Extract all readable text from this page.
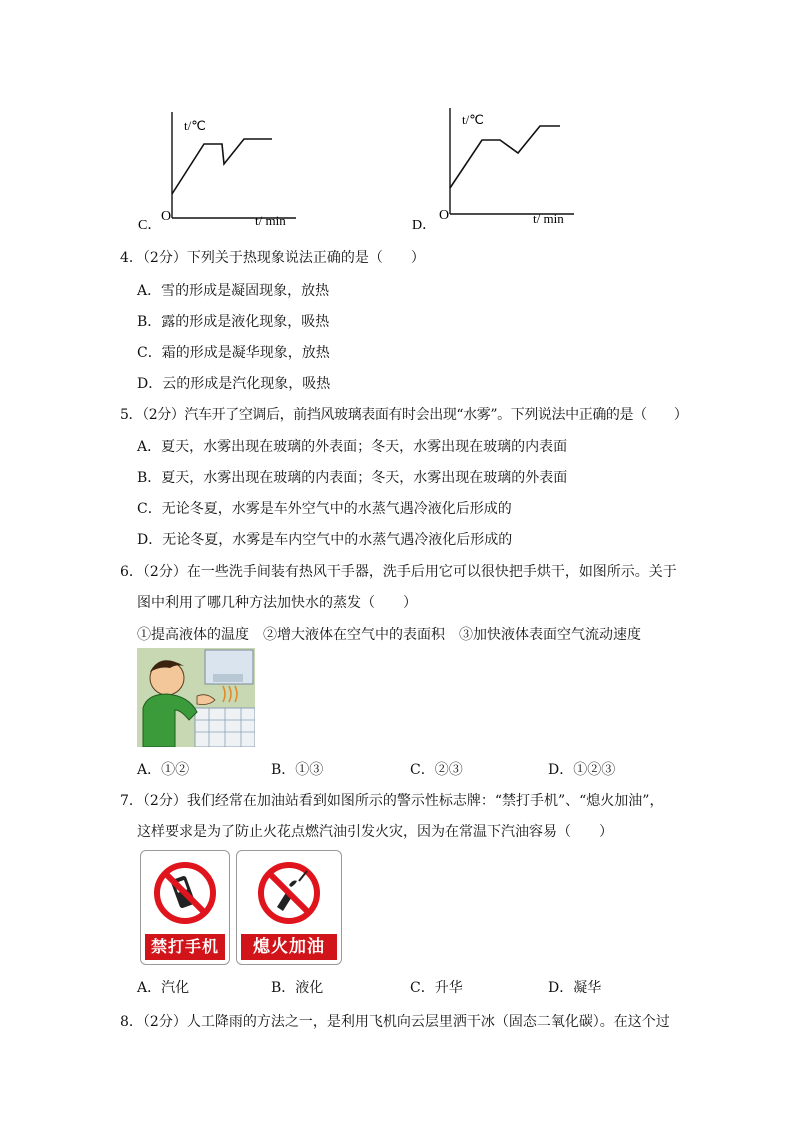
t/℃
t/ min
O
C．
t/℃
t/ min
O
D．
4．（2分）下列关于热现象说法正确的是（　　）
A．雪的形成是凝固现象，放热
B．露的形成是液化现象，吸热
C．霜的形成是凝华现象，放热
D．云的形成是汽化现象，吸热
5．（2分）汽车开了空调后，前挡风玻璃表面有时会出现“水雾”。下列说法中正确的是（　　）
A．夏天，水雾出现在玻璃的外表面；冬天，水雾出现在玻璃的内表面
B．夏天，水雾出现在玻璃的内表面；冬天，水雾出现在玻璃的外表面
C．无论冬夏，水雾是车外空气中的水蒸气遇冷液化后形成的
D．无论冬夏，水雾是车内空气中的水蒸气遇冷液化后形成的
6．（2分）在一些洗手间装有热风干手器，洗手后用它可以很快把手烘干，如图所示。关于
图中利用了哪几种方法加快水的蒸发（　　）
①提高液体的温度　②增大液体在空气中的表面积　③加快液体表面空气流动速度
A．①②	B．①③	C．②③	D．①②③
7．（2分）我们经常在加油站看到如图所示的警示性标志牌：“禁打手机”、“熄火加油”，
这样要求是为了防止火花点燃汽油引发火灾，因为在常温下汽油容易（　　）
禁打手机	熄火加油
A．汽化	B．液化	C．升华	D．凝华
8．（2分）人工降雨的方法之一，是利用飞机向云层里洒干冰（固态二氧化碳）。在这个过
